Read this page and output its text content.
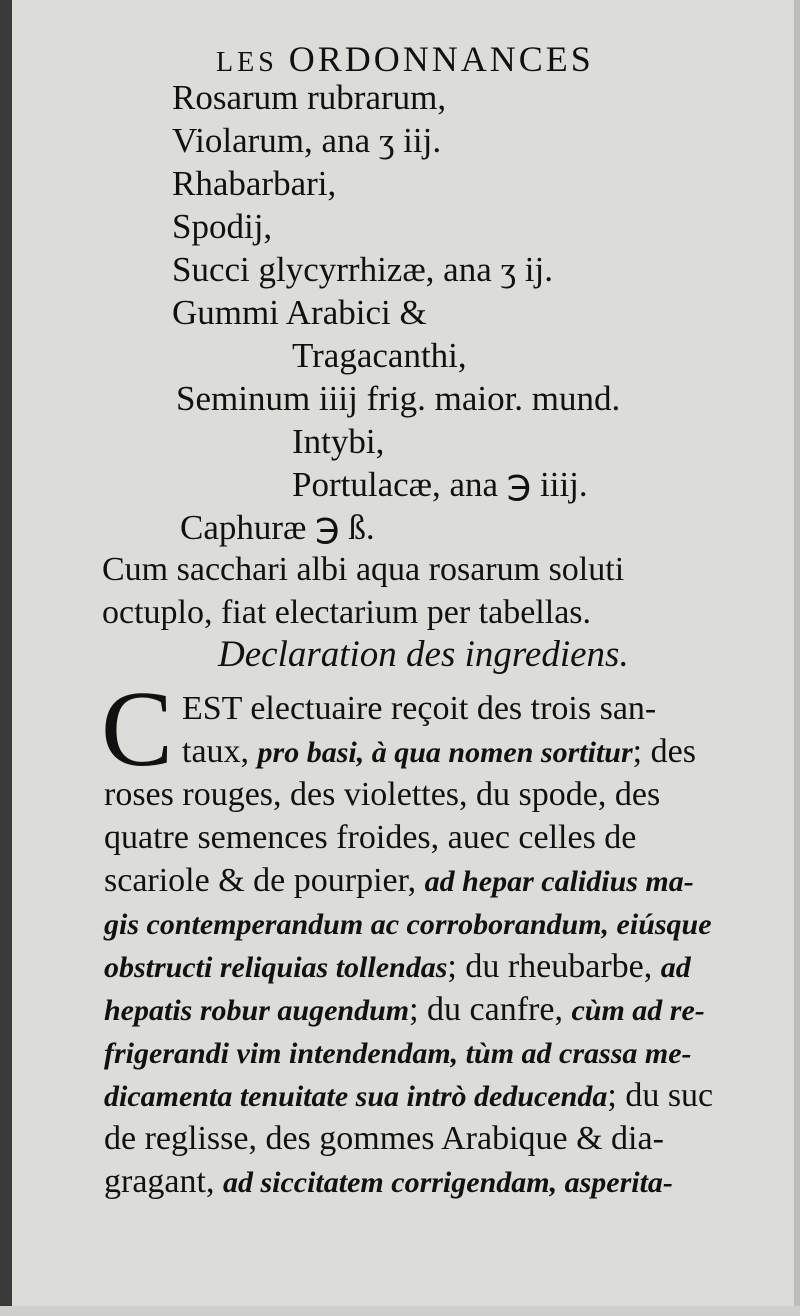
LES ORDONNANCES
Rosarum rubrarum,
Violarum, ana ʒ iij.
Rhabarbari,
Spodij,
Succi glycyrrhizæ, ana ʒ ij.
Gummi Arabici &
Tragacanthi,
Seminum iiij frig. maior. mund.
Intybi,
Portulacæ, ana ℈ iiij.
Caphuræ ℈ ß.
Cum sacchari albi aqua rosarum soluti
octuplo, fiat electarium per tabellas.
Declaration des ingrediens.
C EST electuaire reçoit des trois san-
taux, pro basi, à qua nomen sortitur; des
roses rouges, des violettes, du spode, des
quatre semences froides, auec celles de
scariole & de pourpier, ad hepar calidius ma-
gis contemperandum ac corroborandum, eiúsque
obstructi reliquias tollendas; du rheubarbe, ad
hepatis robur augendum; du canfre, cùm ad re-
frigerandi vim intendendam, tùm ad crassa me-
dicamenta tenuitate sua intrò deducenda; du suc
de reglisse, des gommes Arabique & dia-
gragant, ad siccitatem corrigendam, asperita-
